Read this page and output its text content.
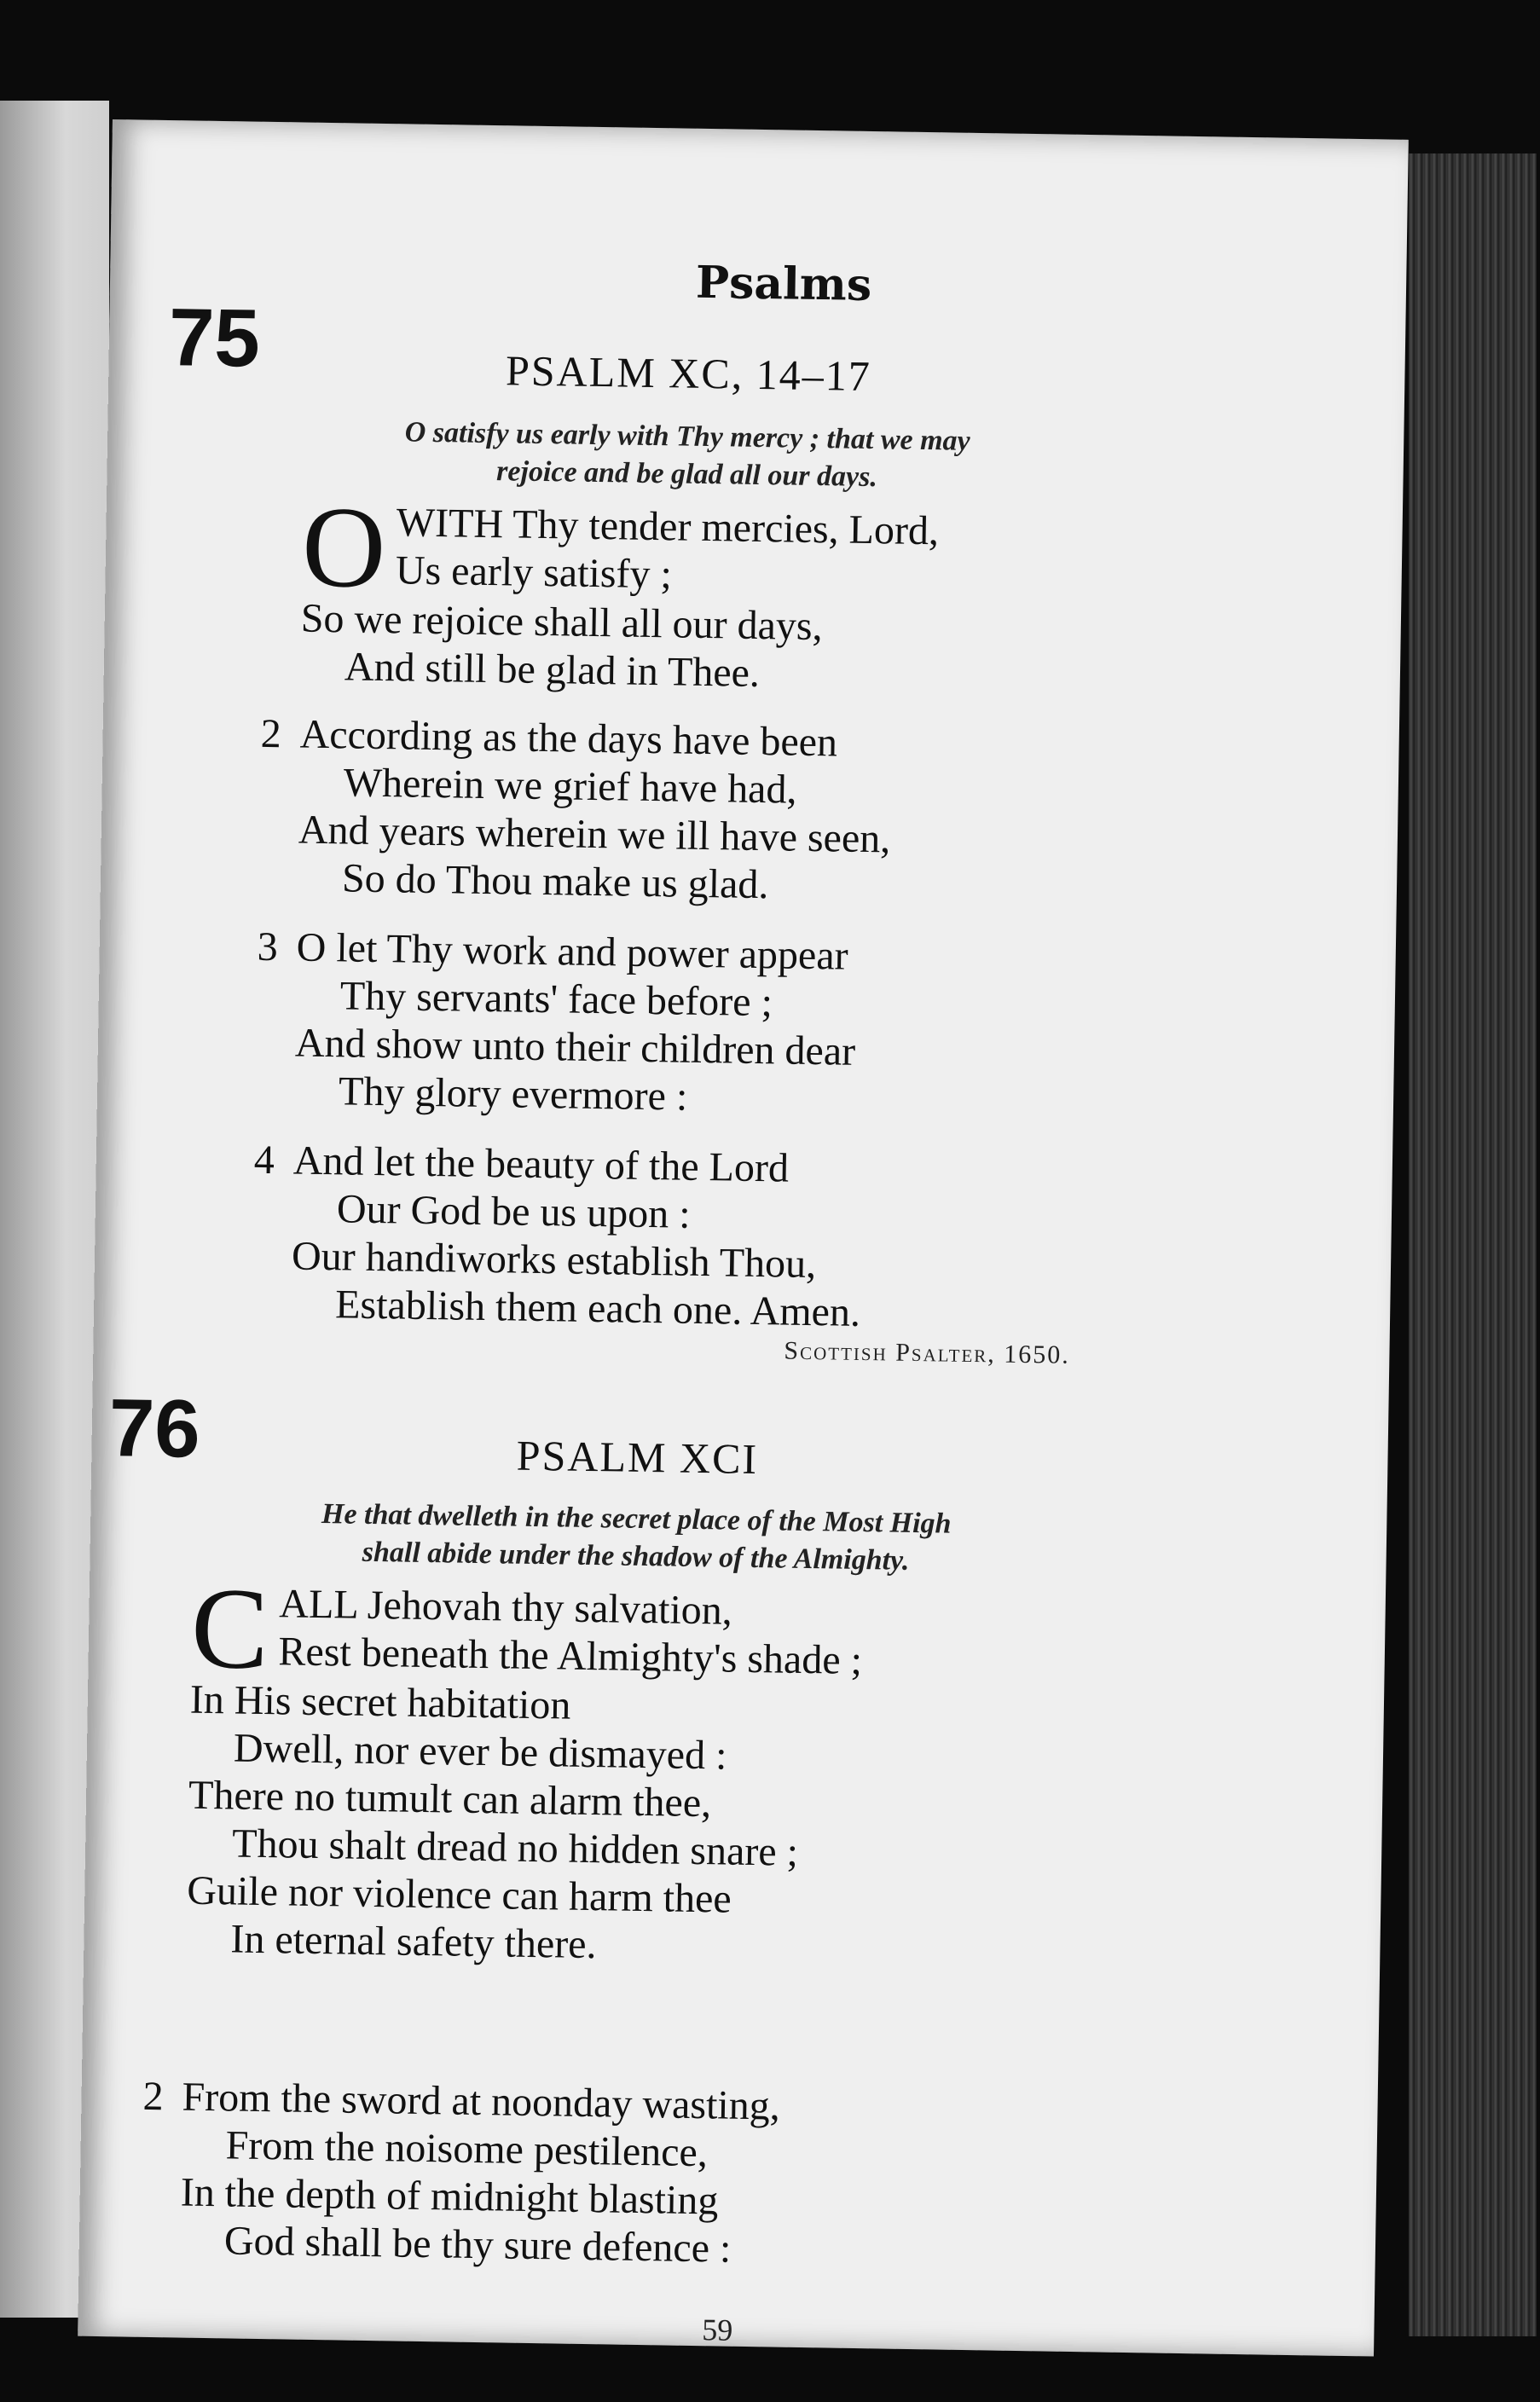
Psalms
75	PSALM XC, 14–17
O satisfy us early with Thy mercy ; that we may
rejoice and be glad all our days.
O WITH Thy tender mercies, Lord,
Us early satisfy ;
So we rejoice shall all our days,
And still be glad in Thee.
2 According as the days have been
Wherein we grief have had,
And years wherein we ill have seen,
So do Thou make us glad.
3 O let Thy work and power appear
Thy servants' face before ;
And show unto their children dear
Thy glory evermore :
4 And let the beauty of the Lord
Our God be us upon :
Our handiworks establish Thou,
Establish them each one. Amen.
Scottish Psalter, 1650.
76	PSALM XCI
He that dwelleth in the secret place of the Most High
shall abide under the shadow of the Almighty.
C ALL Jehovah thy salvation,
Rest beneath the Almighty's shade ;
In His secret habitation
Dwell, nor ever be dismayed :
There no tumult can alarm thee,
Thou shalt dread no hidden snare ;
Guile nor violence can harm thee
In eternal safety there.
2 From the sword at noonday wasting,
From the noisome pestilence,
In the depth of midnight blasting
God shall be thy sure defence :
59
